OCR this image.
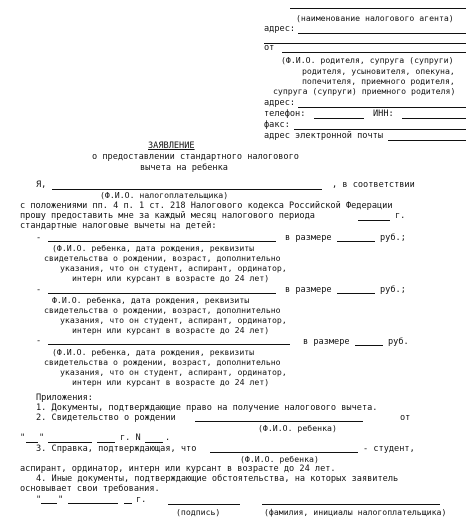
(наименование налогового агента)
адрес:
от
(Ф.И.О. родителя, супруга (супруги)
родителя, усыновителя, опекуна,
попечителя, приемного родителя,
супруга (супруги) приемного родителя)
адрес:
телефон:	ИНН:
факс:
адрес электронной почты
ЗАЯВЛЕНИЕ
о предоставлении стандартного налогового
вычета на ребенка
Я,	, в соответствии
(Ф.И.О. налогоплательщика)
с положениями пп. 4 п. 1 ст. 218 Налогового кодекса Российской Федерации
прошу предоставить мне за каждый месяц налогового периода	г.
стандартные налоговые вычеты на детей:
-	в размере	руб.;
(Ф.И.О. ребенка, дата рождения, реквизиты
свидетельства о рождении, возраст, дополнительно
указания, что он студент, аспирант, ординатор,
интерн или курсант в возрасте до 24 лет)
-	в размере	руб.;
Ф.И.О. ребенка, дата рождения, реквизиты
свидетельства о рождении, возраст, дополнительно
указания, что он студент, аспирант, ординатор,
интерн или курсант в возрасте до 24 лет)
-	в размере	руб.
(Ф.И.О. ребенка, дата рождения, реквизиты
свидетельства о рождении, возраст, дополнительно
указания, что он студент, аспирант, ординатор,
интерн или курсант в возрасте до 24 лет)
Приложения:
1. Документы, подтверждающие право на получение налогового вычета.
2. Свидетельство о рождении	от
(Ф.И.О. ребенка)
" "	г. N	.
3. Справка, подтверждающая, что	- студент,
(Ф.И.О. ребенка)
аспирант, ординатор, интерн или курсант в возрасте до 24 лет.
4. Иные документы, подтверждающие обстоятельства, на которых заявитель
основывает свои требования.
" "	г.
(подпись)	(фамилия, инициалы налогоплательщика)
